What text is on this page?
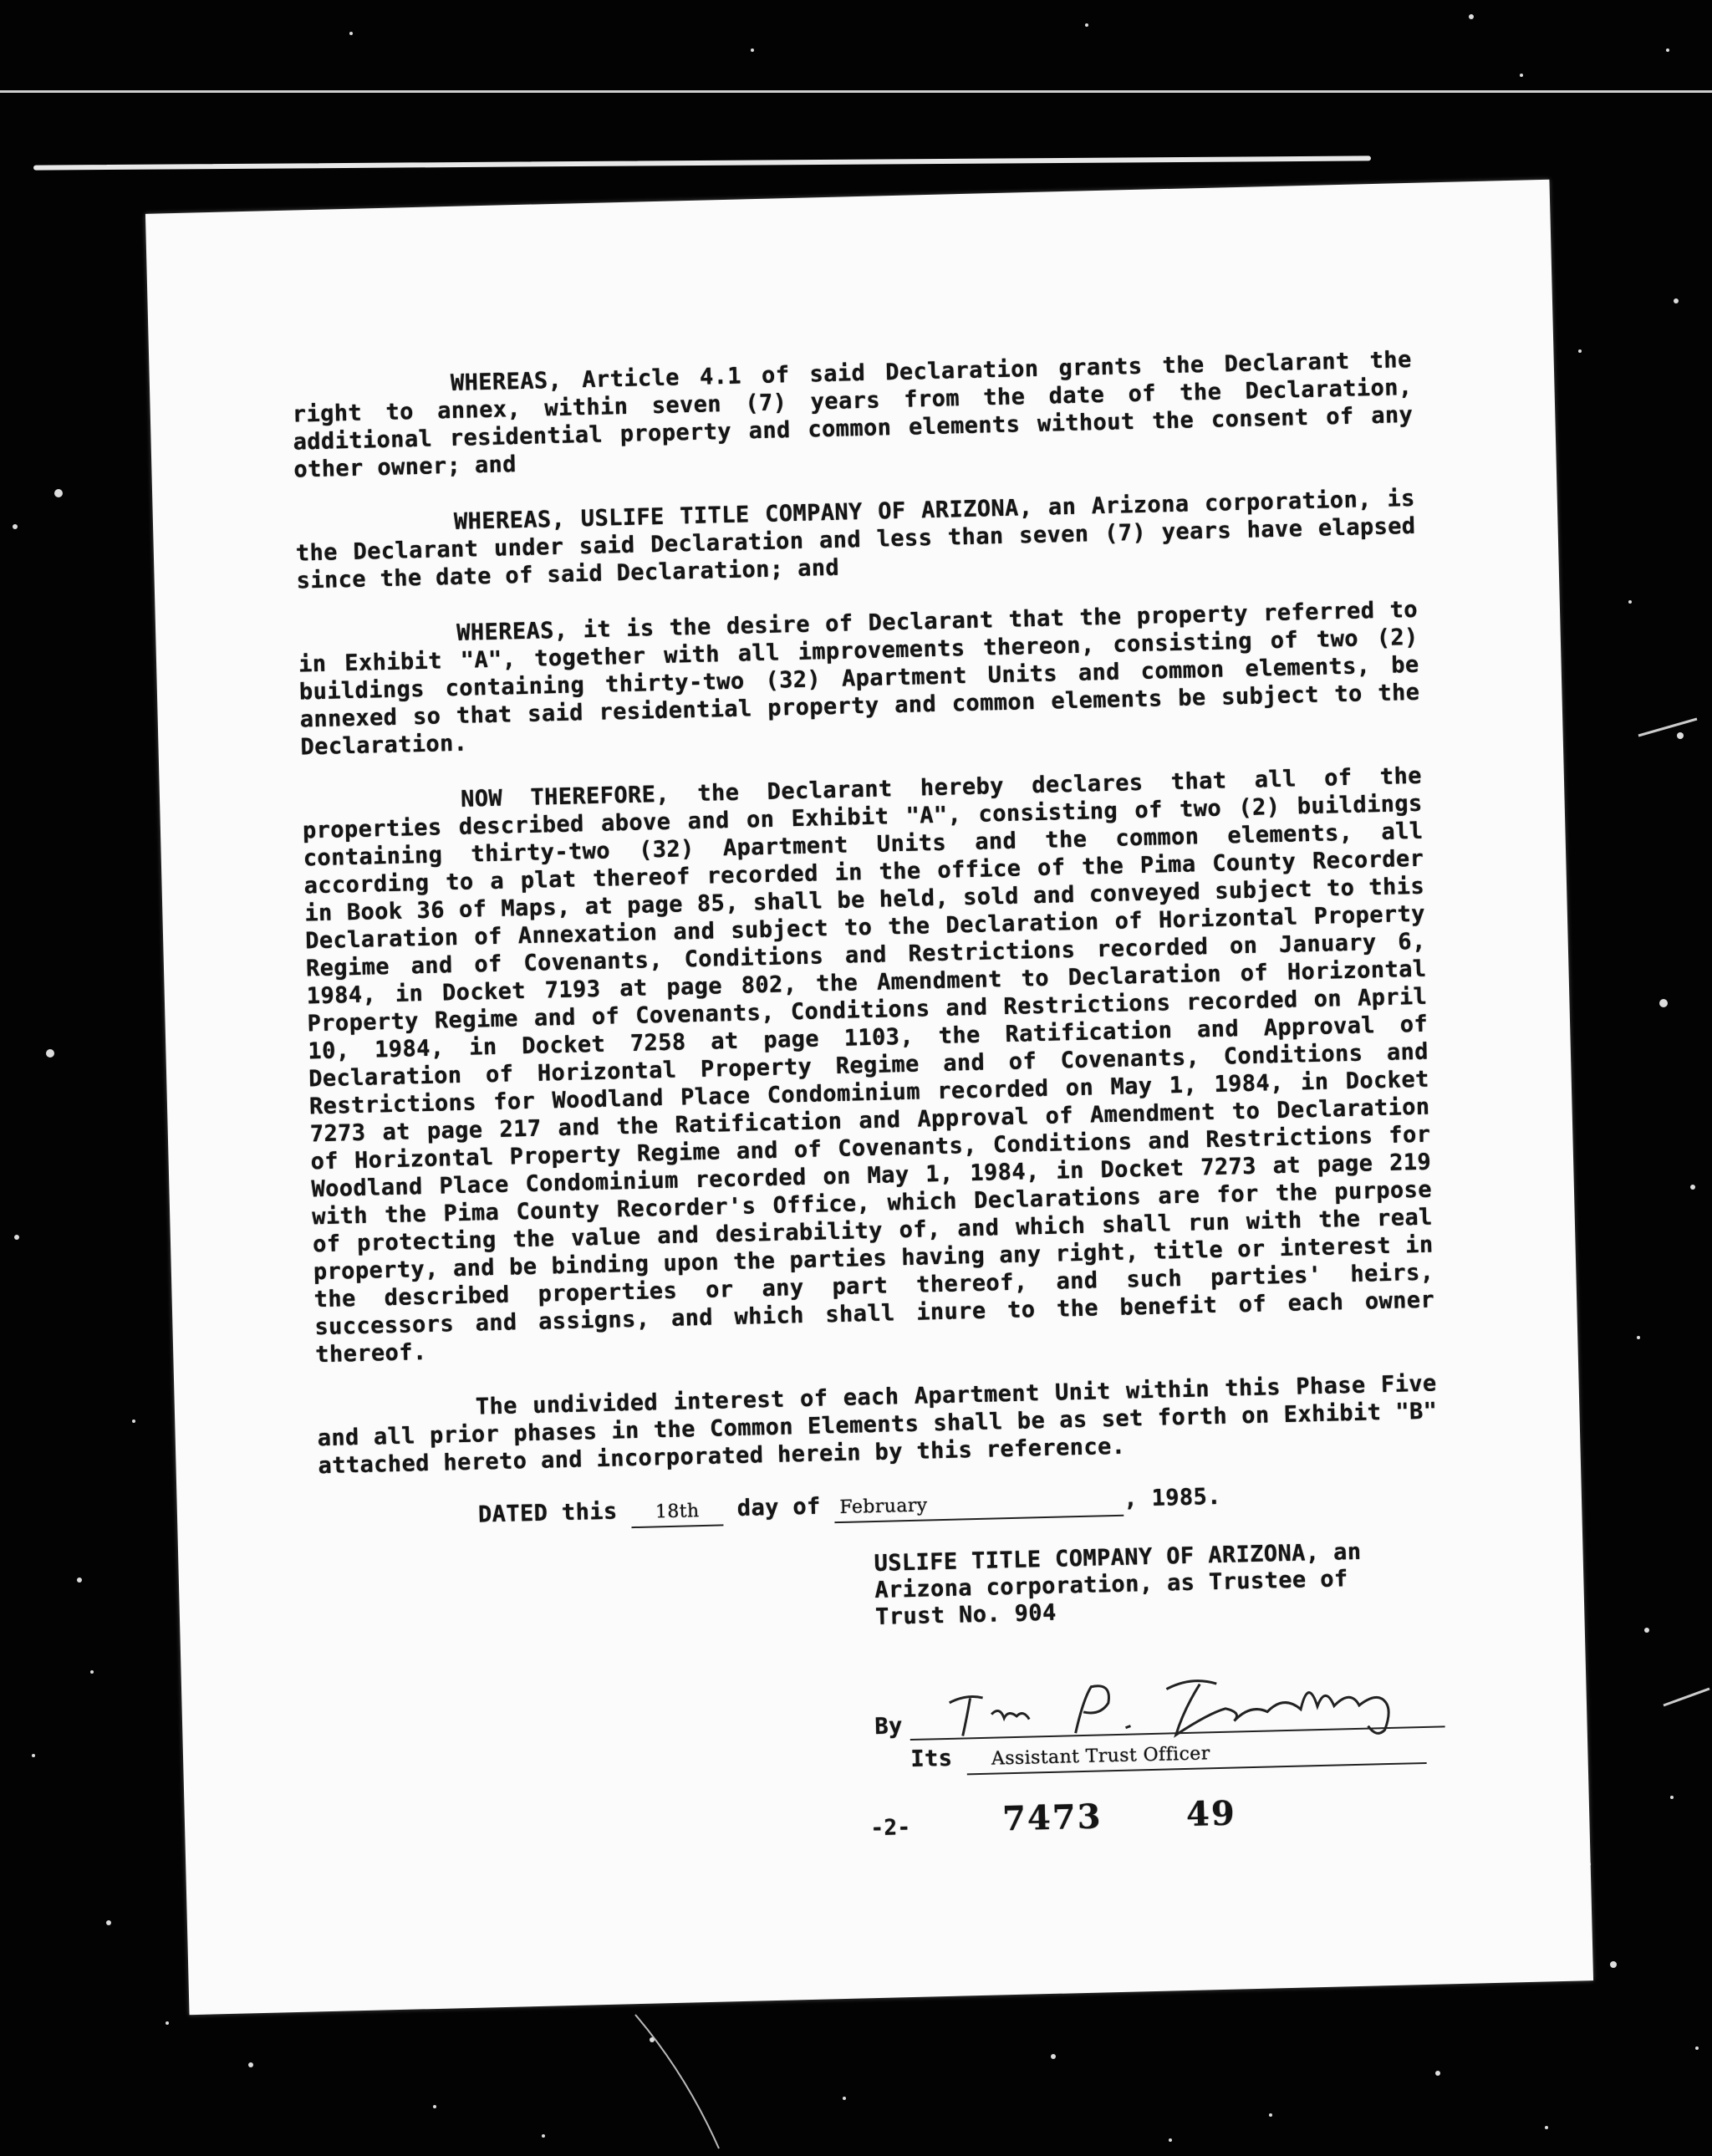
WHEREAS, Article 4.1 of said Declaration grants the Declarant the right to annex, within seven (7) years from the date of the Declaration, additional residential property and common elements without the consent of any other owner; and

WHEREAS, USLIFE TITLE COMPANY OF ARIZONA, an Arizona corporation, is the Declarant under said Declaration and less than seven (7) years have elapsed since the date of said Declaration; and

WHEREAS, it is the desire of Declarant that the property referred to in Exhibit "A", together with all improvements thereon, consisting of two (2) buildings containing thirty-two (32) Apartment Units and common elements, be annexed so that said residential property and common elements be subject to the Declaration.

NOW THEREFORE, the Declarant hereby declares that all of the properties described above and on Exhibit "A", consisting of two (2) buildings containing thirty-two (32) Apartment Units and the common elements, all according to a plat thereof recorded in the office of the Pima County Recorder in Book 36 of Maps, at page 85, shall be held, sold and conveyed subject to this Declaration of Annexation and subject to the Declaration of Horizontal Property Regime and of Covenants, Conditions and Restrictions recorded on January 6, 1984, in Docket 7193 at page 802, the Amendment to Declaration of Horizontal Property Regime and of Covenants, Conditions and Restrictions recorded on April 10, 1984, in Docket 7258 at page 1103, the Ratification and Approval of Declaration of Horizontal Property Regime and of Covenants, Conditions and Restrictions for Woodland Place Condominium recorded on May 1, 1984, in Docket 7273 at page 217 and the Ratification and Approval of Amendment to Declaration of Horizontal Property Regime and of Covenants, Conditions and Restrictions for Woodland Place Condominium recorded on May 1, 1984, in Docket 7273 at page 219 with the Pima County Recorder's Office, which Declarations are for the purpose of protecting the value and desirability of, and which shall run with the real property, and be binding upon the parties having any right, title or interest in the described properties or any part thereof, and such parties' heirs, successors and assigns, and which shall inure to the benefit of each owner thereof.

The undivided interest of each Apartment Unit within this Phase Five and all prior phases in the Common Elements shall be as set forth on Exhibit "B" attached hereto and incorporated herein by this reference.

DATED this 18th day of February	, 1985.
USLIFE TITLE COMPANY OF ARIZONA, an
Arizona corporation, as Trustee of
Trust No. 904
By
Its Assistant Trust Officer
-2-	7473 49
